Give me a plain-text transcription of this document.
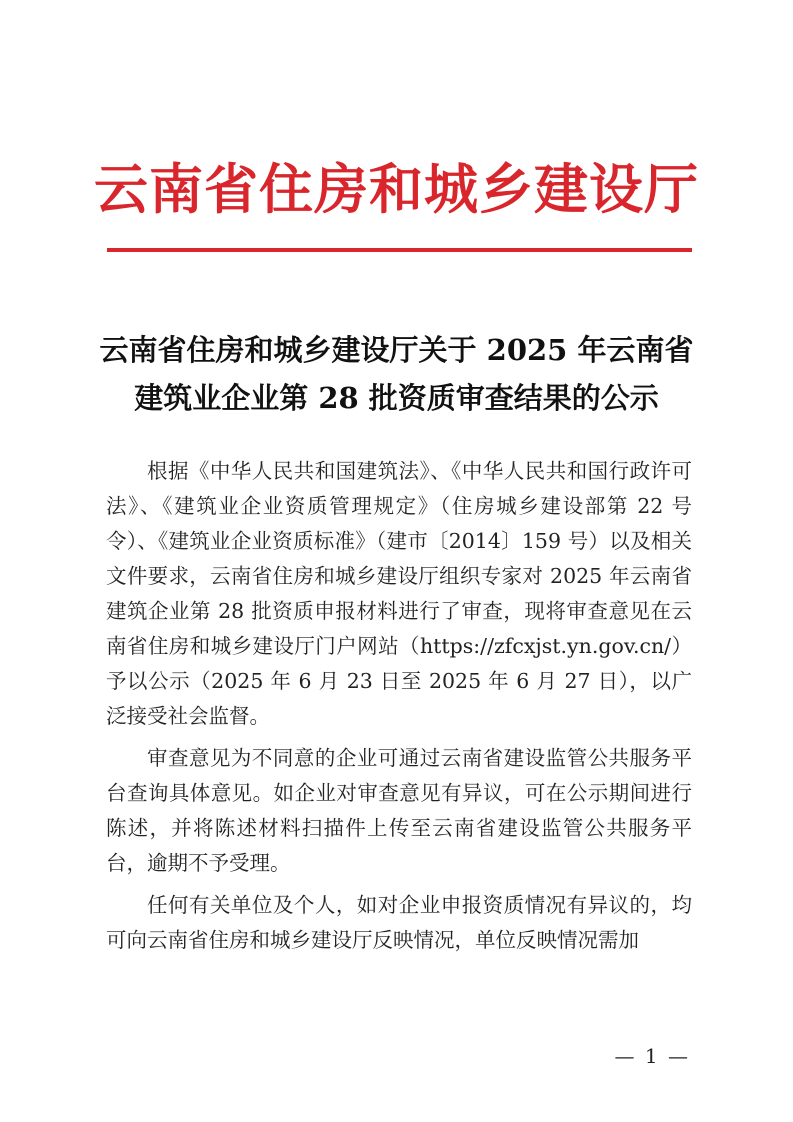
云南省住房和城乡建设厅
云南省住房和城乡建设厅关于 2025 年云南省
建筑业企业第 28 批资质审查结果的公示

根据《中华人民共和国建筑法》、《中华人民共和国行政许可法》、《建筑业企业资质管理规定》（住房城乡建设部第 22 号令）、《建筑业企业资质标准》（建市〔2014〕159 号）以及相关文件要求，云南省住房和城乡建设厅组织专家对 2025 年云南省建筑企业第 28 批资质申报材料进行了审查，现将审查意见在云南省住房和城乡建设厅门户网站（https://zfcxjst.yn.gov.cn/）予以公示（2025 年 6 月 23 日至 2025 年 6 月 27 日），以广泛接受社会监督。

审查意见为不同意的企业可通过云南省建设监管公共服务平台查询具体意见。如企业对审查意见有异议，可在公示期间进行陈述，并将陈述材料扫描件上传至云南省建设监管公共服务平台，逾期不予受理。

任何有关单位及个人，如对企业申报资质情况有异议的，均可向云南省住房和城乡建设厅反映情况，单位反映情况需加

— 1 —
